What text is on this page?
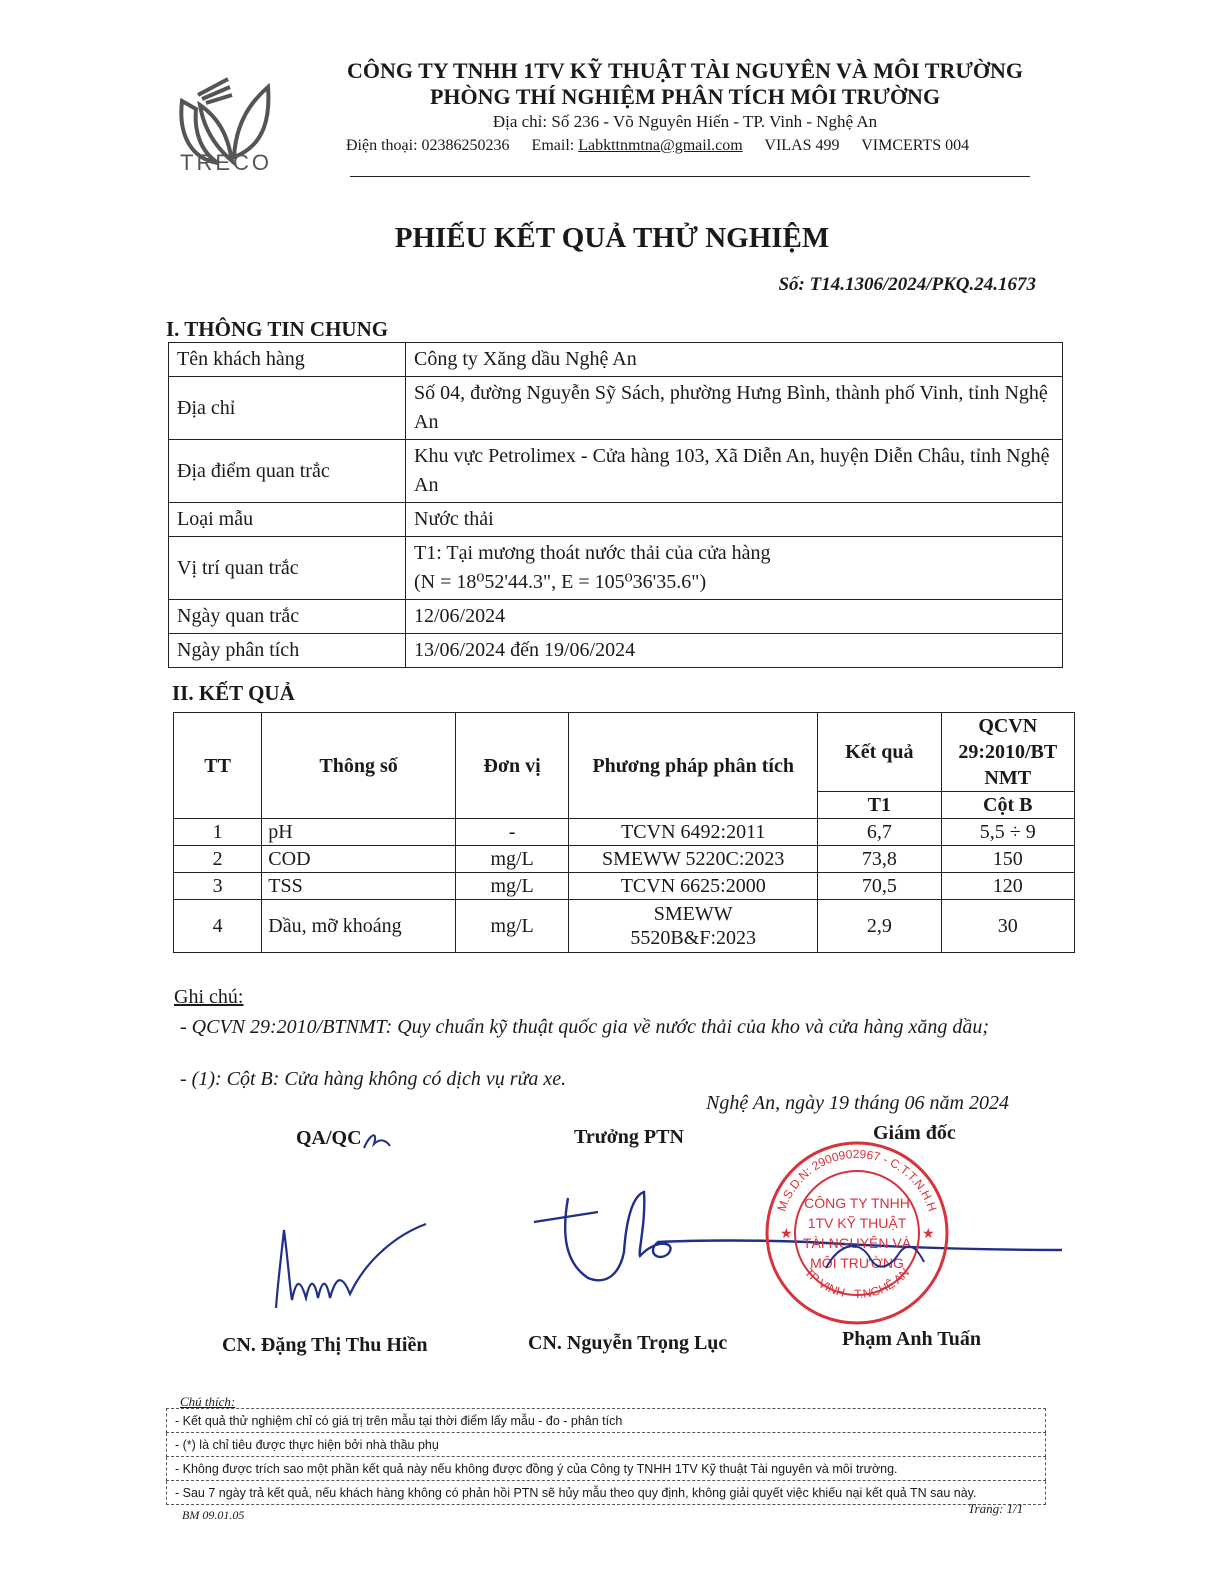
TRECO
CÔNG TY TNHH 1TV KỸ THUẬT TÀI NGUYÊN VÀ MÔI TRƯỜNG
PHÒNG THÍ NGHIỆM PHÂN TÍCH MÔI TRƯỜNG
Địa chỉ: Số 236 - Võ Nguyên Hiến - TP. Vinh - Nghệ An
Điện thoại: 02386250236 Email: Labkttnmtna@gmail.com VILAS 499 VIMCERTS 004
PHIẾU KẾT QUẢ THỬ NGHIỆM
Số: T14.1306/2024/PKQ.24.1673
I. THÔNG TIN CHUNG
Tên khách hàng	Công ty Xăng dầu Nghệ An
Địa chỉ	Số 04, đường Nguyễn Sỹ Sách, phường Hưng Bình, thành phố Vinh, tỉnh Nghệ An
Địa điểm quan trắc	Khu vực Petrolimex - Cửa hàng 103, Xã Diễn An, huyện Diễn Châu, tỉnh Nghệ An
Loại mẫu	Nước thải
Vị trí quan trắc	T1: Tại mương thoát nước thải của cửa hàng
(N = 18⁰52'44.3", E = 105⁰36'35.6")

Ngày quan trắc	12/06/2024
Ngày phân tích	13/06/2024 đến 19/06/2024
II. KẾT QUẢ
TT	Thông số	Đơn vị	Phương pháp phân tích	Kết quả	QCVN 29:2010/BT NMT
				T1	Cột B
1	pH	-	TCVN 6492:2011	6,7	5,5 ÷ 9
2	COD	mg/L	SMEWW 5220C:2023	73,8	150
3	TSS	mg/L	TCVN 6625:2000	70,5	120
4	Dầu, mỡ khoáng	mg/L	SMEWW 5520B&F:2023	2,9	30
Ghi chú:
- QCVN 29:2010/BTNMT: Quy chuẩn kỹ thuật quốc gia về nước thải của kho và cửa hàng xăng dầu;
- (1): Cột B: Cửa hàng không có dịch vụ rửa xe.
Nghệ An, ngày 19 tháng 06 năm 2024
QA/QC	Trưởng PTN	Giám đốc
CÔNG TY TNHH
1TV KỸ THUẬT
TÀI NGUYÊN VÀ
MÔI TRƯỜNG
M.S.D.N: 2900902967 - C.T.T.N.H.H
TP VINH - T.NGHỆ AN
★	★
CN. Đặng Thị Thu Hiền	CN. Nguyễn Trọng Lục	Phạm Anh Tuấn
Chú thích:
- Kết quả thử nghiệm chỉ có giá trị trên mẫu tại thời điểm lấy mẫu - đo - phân tích
- (*) là chỉ tiêu được thực hiện bởi nhà thầu phụ
- Không được trích sao một phần kết quả này nếu không được đồng ý của Công ty TNHH 1TV Kỹ thuật Tài nguyên và môi trường.
- Sau 7 ngày trả kết quả, nếu khách hàng không có phản hồi PTN sẽ hủy mẫu theo quy định, không giải quyết việc khiếu nại kết quả TN sau này.
BM 09.01.05	Trang: 1/1
